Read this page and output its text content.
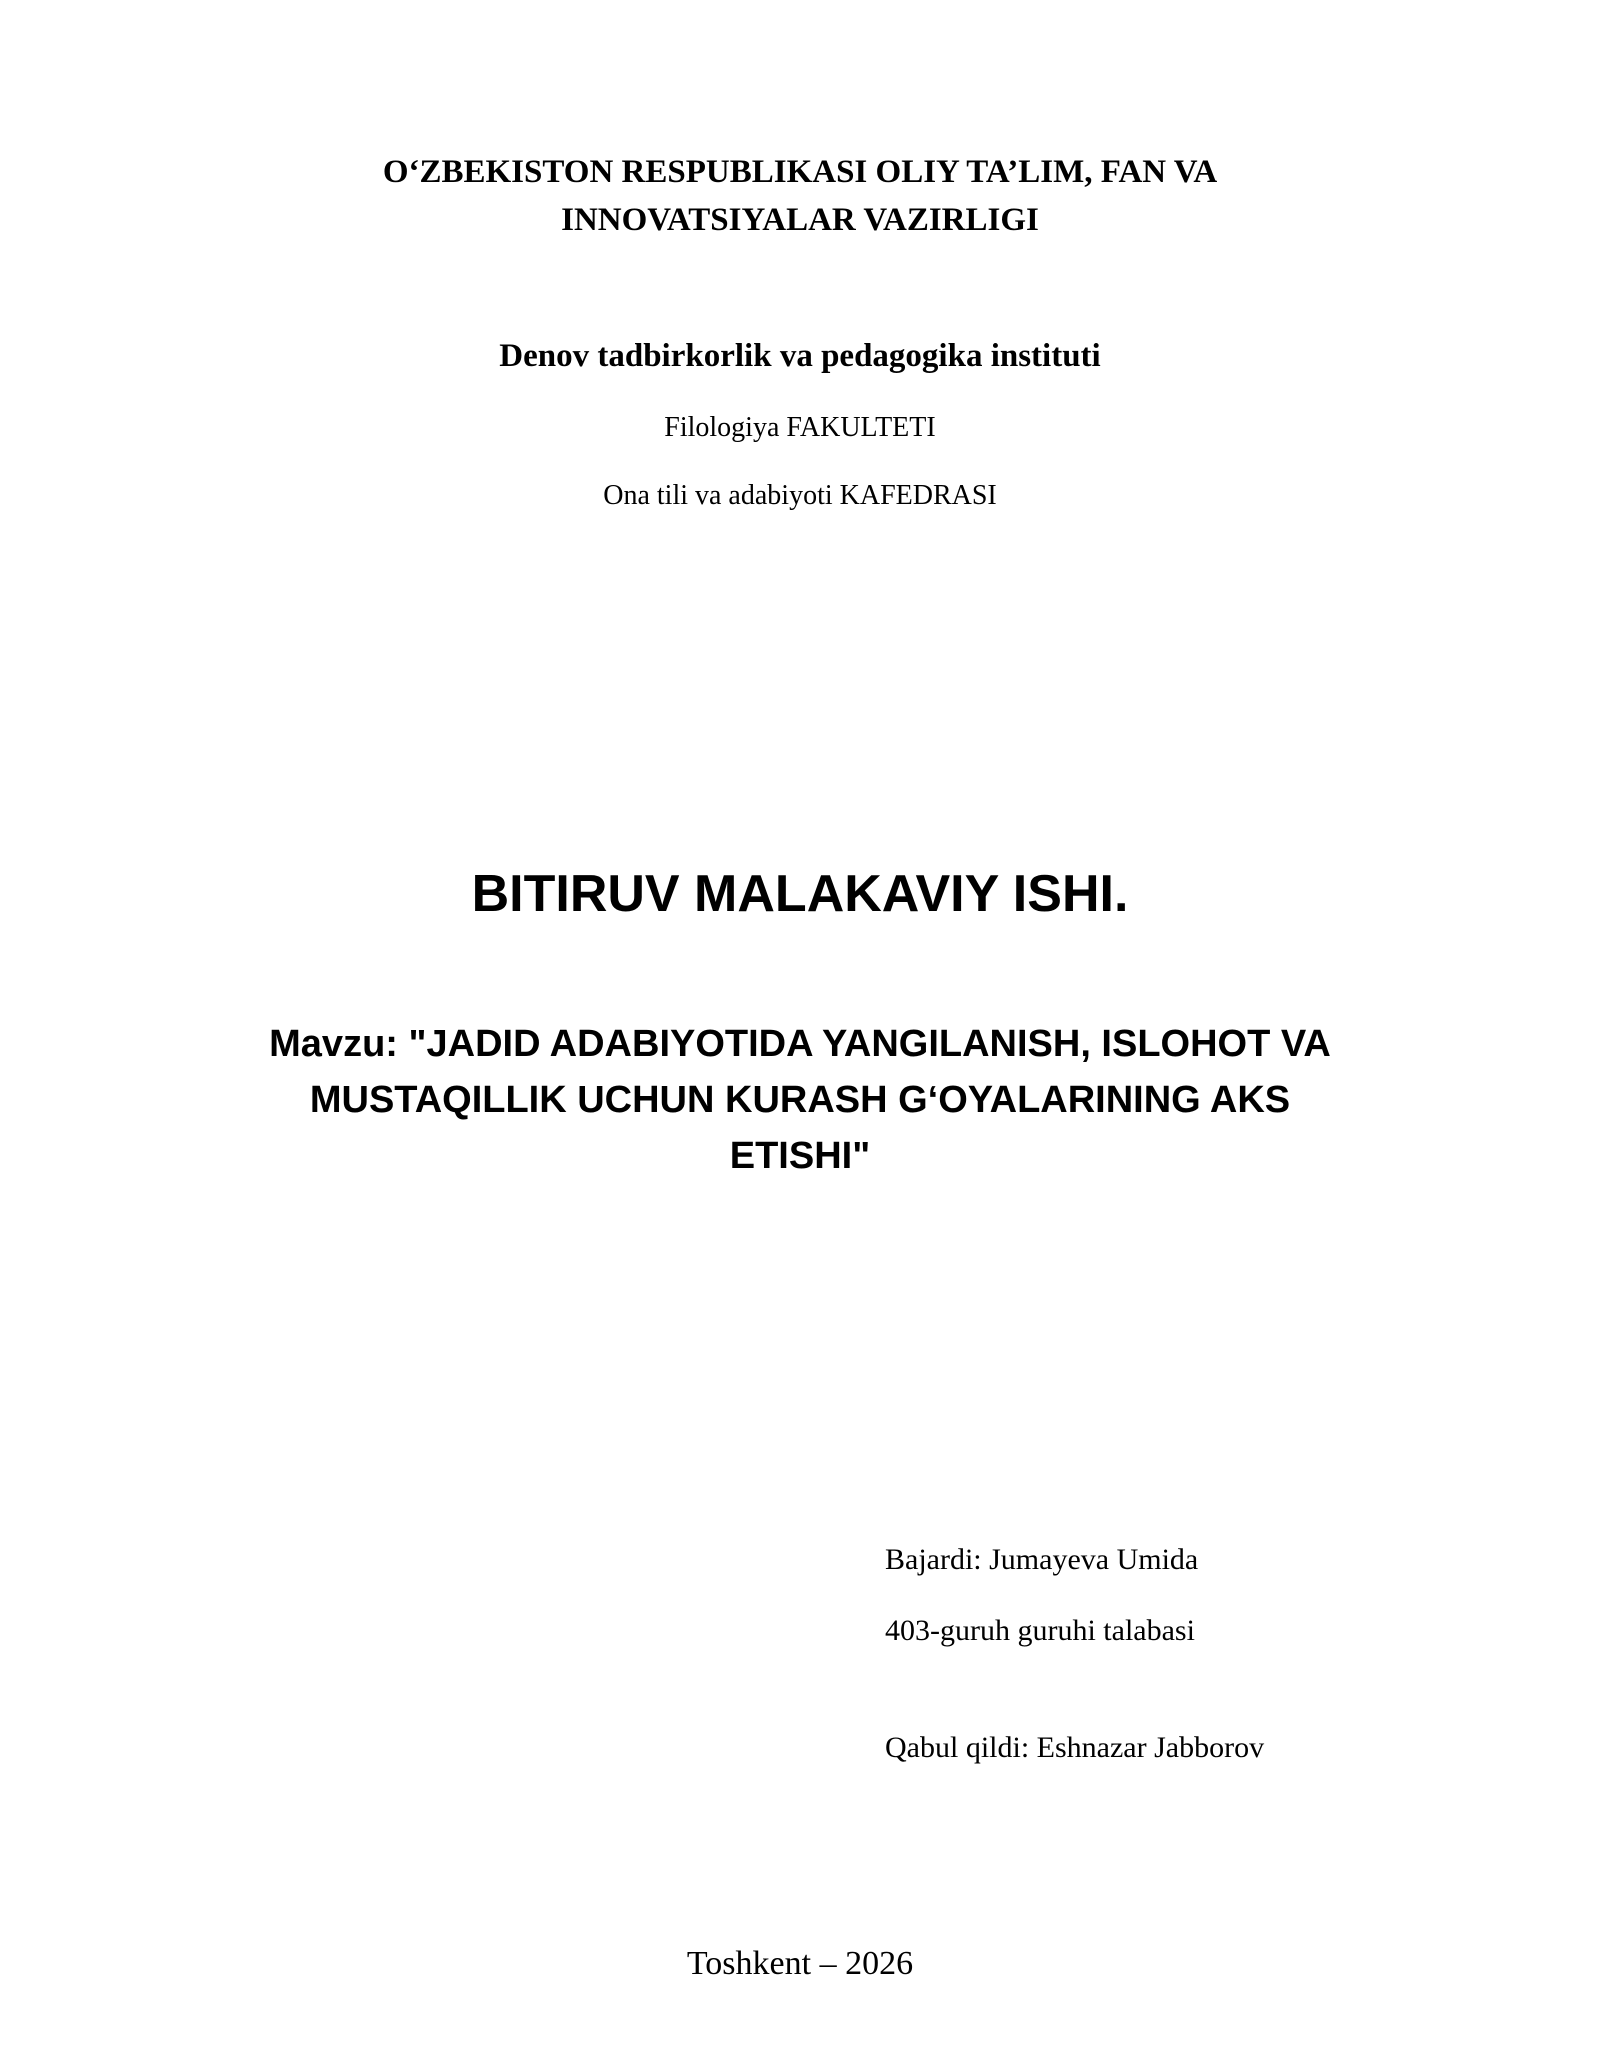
O‘ZBEKISTON RESPUBLIKASI OLIY TA’LIM, FAN VA
INNOVATSIYALAR VAZIRLIGI
Denov tadbirkorlik va pedagogika instituti
Filologiya FAKULTETI
Ona tili va adabiyoti KAFEDRASI
BITIRUV MALAKAVIY ISHI.
Mavzu: "JADID ADABIYOTIDA YANGILANISH, ISLOHOT VA
MUSTAQILLIK UCHUN KURASH G‘OYALARINING AKS
ETISHI"
Bajardi: Jumayeva Umida
403-guruh guruhi talabasi
Qabul qildi: Eshnazar Jabborov
Toshkent – 2026
